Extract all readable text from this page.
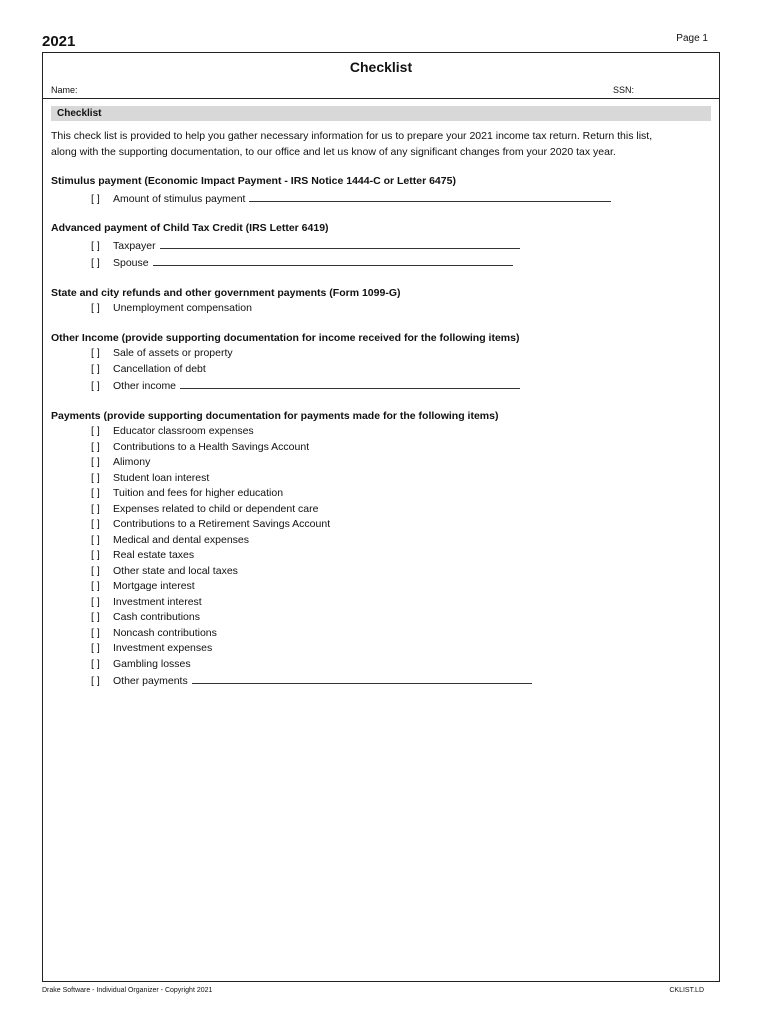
2021	Page 1
Checklist
Name:	SSN:
Checklist

This check list is provided to help you gather necessary information for us to prepare your 2021 income tax return. Return this list, along with the supporting documentation, to our office and let us know of any significant changes from your 2020 tax year.

Stimulus payment (Economic Impact Payment - IRS Notice 1444-C or Letter 6475)
[ ] Amount of stimulus payment
Advanced payment of Child Tax Credit (IRS Letter 6419)
[ ] Taxpayer
[ ] Spouse
State and city refunds and other government payments (Form 1099-G)
[ ] Unemployment compensation
Other Income (provide supporting documentation for income received for the following items)
[ ] Sale of assets or property
[ ] Cancellation of debt
[ ] Other income
Payments (provide supporting documentation for payments made for the following items)
[ ] Educator classroom expenses
[ ] Contributions to a Health Savings Account
[ ] Alimony
[ ] Student loan interest
[ ] Tuition and fees for higher education
[ ] Expenses related to child or dependent care
[ ] Contributions to a Retirement Savings Account
[ ] Medical and dental expenses
[ ] Real estate taxes
[ ] Other state and local taxes
[ ] Mortgage interest
[ ] Investment interest
[ ] Cash contributions
[ ] Noncash contributions
[ ] Investment expenses
[ ] Gambling losses
[ ] Other payments
Drake Software - Individual Organizer - Copyright 2021	CKLIST.LD
